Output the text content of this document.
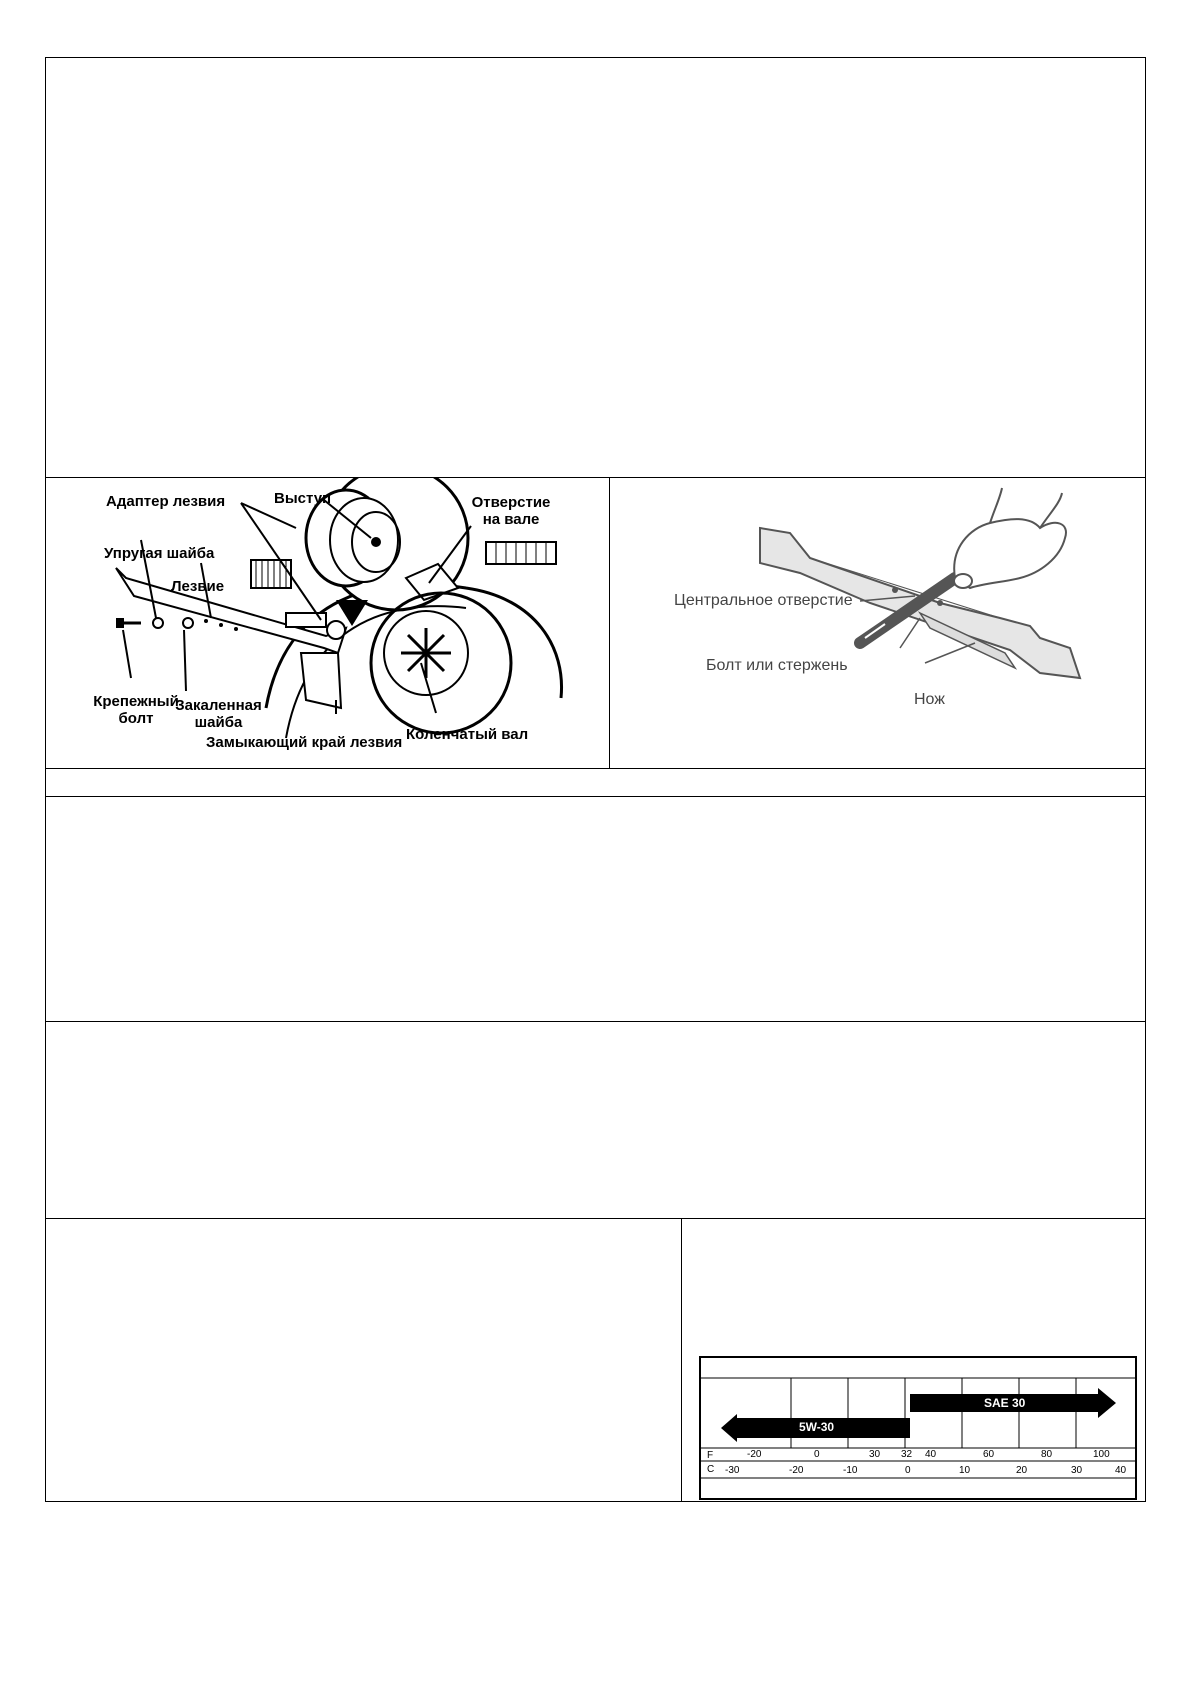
Адаптер лезвия	Выступ	Отверстие
на вале
Упругая шайба
Лезвие
Крепежный
болт
Закаленная
шайба
Замыкающий край лезвия Коленчатый вал
Центральное отверстие
Болт или стержень
Нож
5W-30
SAE 30
F	-20	0	30 32 40	60	80	100
C -30	-20	-10	0	10	20	30	40
